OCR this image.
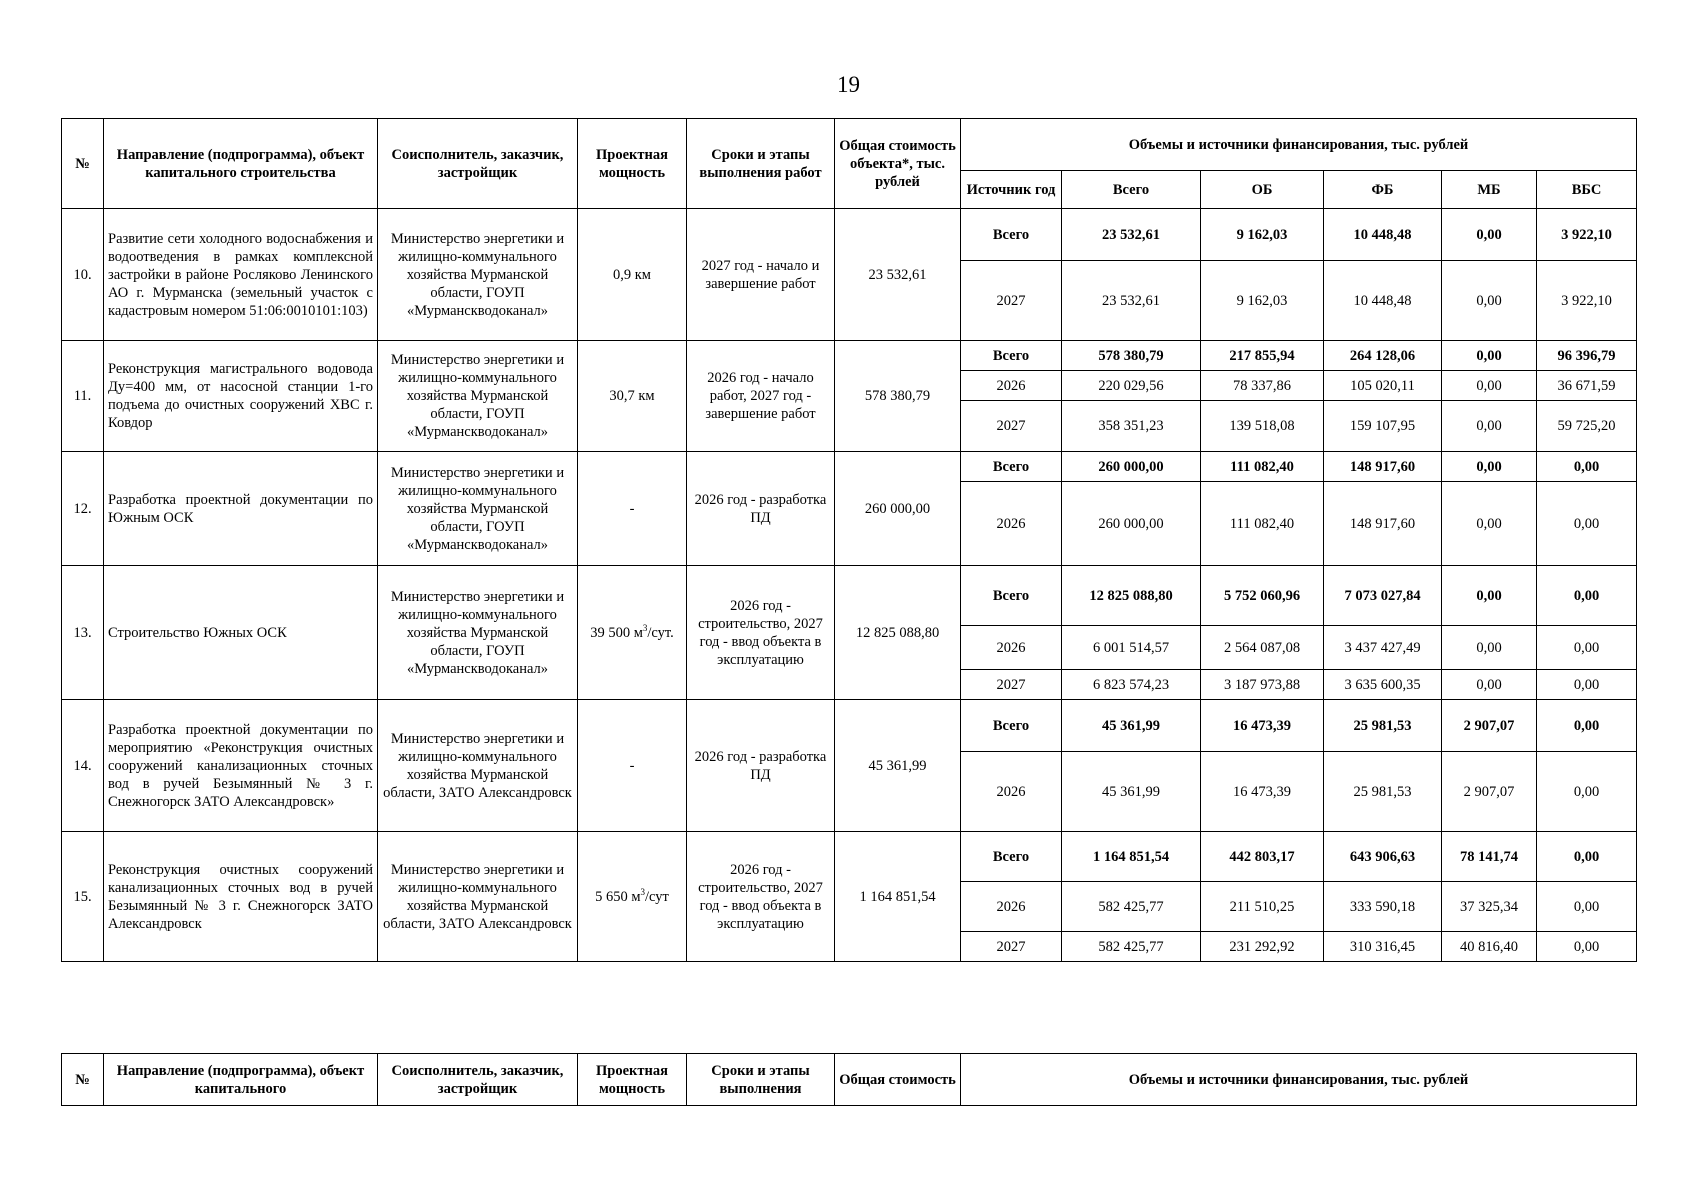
19
№	Направление (подпрограмма), объект капитального строительства	Соисполнитель, заказчик, застройщик	Проектная мощность	Сроки и этапы выполнения работ	Общая стоимость объекта*, тыс. рублей	Объемы и источники финансирования, тыс. рублей					
						Источник год	Всего	ОБ	ФБ	МБ	ВБС
10.	Развитие сети холодного водоснабжения и водоотведения в рамках комплексной застройки в районе Росляково Ленинского АО г. Мурманска (земельный участок с кадастровым номером 51:06:0010101:103)	Министерство энергетики и жилищно-коммунального хозяйства Мурманской области, ГОУП «Мурманскводоканал»	0,9 км	2027 год - начало и завершение работ	23 532,61	Всего	23 532,61	9 162,03	10 448,48	0,00	3 922,10
						2027	23 532,61	9 162,03	10 448,48	0,00	3 922,10
11.	Реконструкция магистрального водовода Ду=400 мм, от насосной станции 1-го подъема до очистных сооружений ХВС г. Ковдор	Министерство энергетики и жилищно-коммунального хозяйства Мурманской области, ГОУП «Мурманскводоканал»	30,7 км	2026 год - начало работ, 2027 год - завершение работ	578 380,79	Всего	578 380,79	217 855,94	264 128,06	0,00	96 396,79
						2026	220 029,56	78 337,86	105 020,11	0,00	36 671,59
						2027	358 351,23	139 518,08	159 107,95	0,00	59 725,20
12.	Разработка проектной документации по Южным ОСК	Министерство энергетики и жилищно-коммунального хозяйства Мурманской области, ГОУП «Мурманскводоканал»	-	2026 год - разработка ПД	260 000,00	Всего	260 000,00	111 082,40	148 917,60	0,00	0,00
						2026	260 000,00	111 082,40	148 917,60	0,00	0,00
13.	Строительство Южных ОСК	Министерство энергетики и жилищно-коммунального хозяйства Мурманской области, ГОУП «Мурманскводоканал»	39 500 $м^3$/сут.	2026 год - строительство, 2027 год - ввод объекта в эксплуатацию	12 825 088,80	Всего	12 825 088,80	5 752 060,96	7 073 027,84	0,00	0,00
						2026	6 001 514,57	2 564 087,08	3 437 427,49	0,00	0,00
						2027	6 823 574,23	3 187 973,88	3 635 600,35	0,00	0,00
14.	Разработка проектной документации по мероприятию «Реконструкция очистных сооружений канализационных сточных вод в ручей Безымянный № 3 г. Снежногорск ЗАТО Александровск»	Министерство энергетики и жилищно-коммунального хозяйства Мурманской области, ЗАТО Александровск	-	2026 год - разработка ПД	45 361,99	Всего	45 361,99	16 473,39	25 981,53	2 907,07	0,00
						2026	45 361,99	16 473,39	25 981,53	2 907,07	0,00
15.	Реконструкция очистных сооружений канализационных сточных вод в ручей Безымянный № 3 г. Снежногорск ЗАТО Александровск	Министерство энергетики и жилищно-коммунального хозяйства Мурманской области, ЗАТО Александровск	5 650 $м^3$/сут	2026 год - строительство, 2027 год - ввод объекта в эксплуатацию	1 164 851,54	Всего	1 164 851,54	442 803,17	643 906,63	78 141,74	0,00
						2026	582 425,77	211 510,25	333 590,18	37 325,34	0,00
						2027	582 425,77	231 292,92	310 316,45	40 816,40	0,00
№	Направление (подпрограмма), объект капитального	Соисполнитель, заказчик, застройщик	Проектная мощность	Сроки и этапы выполнения	Общая стоимость	Объемы и источники финансирования, тыс. рублей
